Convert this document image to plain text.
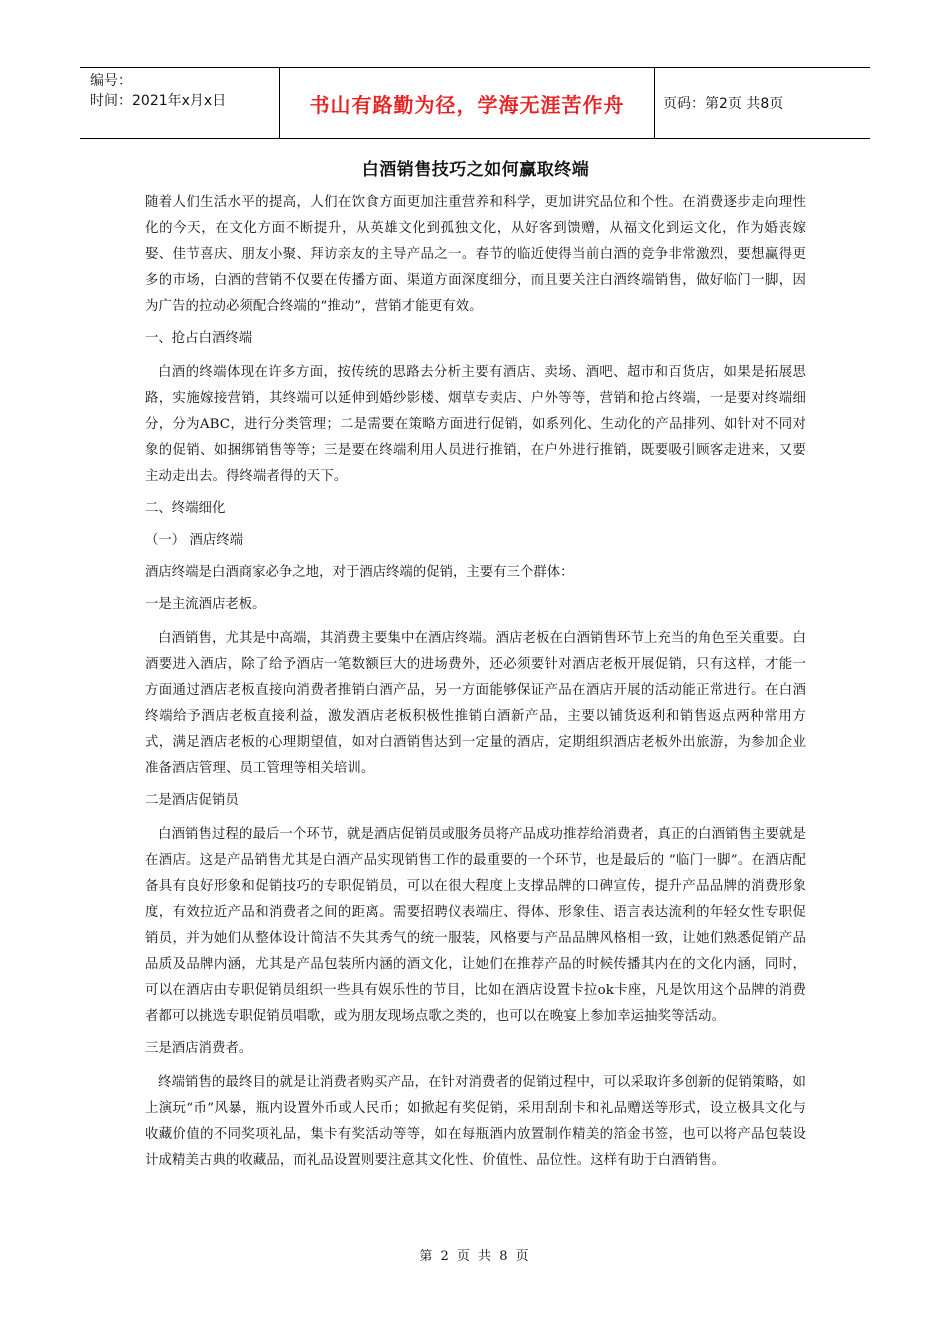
编号：
时间：2021年x月x日	书山有路勤为径，学海无涯苦作舟	页码：第2页 共8页
白酒销售技巧之如何赢取终端
随着人们生活水平的提高，人们在饮食方面更加注重营养和科学，更加讲究品位和个性。在消费逐步走向理性化的今天，在文化方面不断提升，从英雄文化到孤独文化，从好客到馈赠，从福文化到运文化，作为婚丧嫁娶、佳节喜庆、朋友小聚、拜访亲友的主导产品之一。春节的临近使得当前白酒的竞争非常激烈，要想赢得更多的市场，白酒的营销不仅要在传播方面、渠道方面深度细分，而且要关注白酒终端销售，做好临门一脚，因为广告的拉动必须配合终端的“推动”，营销才能更有效。
一、抢占白酒终端
白酒的终端体现在许多方面，按传统的思路去分析主要有酒店、卖场、酒吧、超市和百货店，如果是拓展思路，实施嫁接营销，其终端可以延伸到婚纱影楼、烟草专卖店、户外等等，营销和抢占终端，一是要对终端细分，分为ABC，进行分类管理；二是需要在策略方面进行促销，如系列化、生动化的产品排列、如针对不同对象的促销、如捆绑销售等等；三是要在终端利用人员进行推销，在户外进行推销，既要吸引顾客走进来，又要主动走出去。得终端者得的天下。
二、终端细化
（一） 酒店终端
酒店终端是白酒商家必争之地，对于酒店终端的促销，主要有三个群体：
一是主流酒店老板。
白酒销售，尤其是中高端，其消费主要集中在酒店终端。酒店老板在白酒销售环节上充当的角色至关重要。白酒要进入酒店，除了给予酒店一笔数额巨大的进场费外，还必须要针对酒店老板开展促销，只有这样，才能一方面通过酒店老板直接向消费者推销白酒产品，另一方面能够保证产品在酒店开展的活动能正常进行。在白酒终端给予酒店老板直接利益，激发酒店老板积极性推销白酒新产品，主要以铺货返利和销售返点两种常用方式，满足酒店老板的心理期望值，如对白酒销售达到一定量的酒店，定期组织酒店老板外出旅游，为参加企业准备酒店管理、员工管理等相关培训。
二是酒店促销员
白酒销售过程的最后一个环节，就是酒店促销员或服务员将产品成功推荐给消费者，真正的白酒销售主要就是在酒店。这是产品销售尤其是白酒产品实现销售工作的最重要的一个环节，也是最后的 “临门一脚”。在酒店配备具有良好形象和促销技巧的专职促销员，可以在很大程度上支撑品牌的口碑宣传，提升产品品牌的消费形象度，有效拉近产品和消费者之间的距离。需要招聘仪表端庄、得体、形象佳、语言表达流利的年轻女性专职促销员，并为她们从整体设计简洁不失其秀气的统一服装，风格要与产品品牌风格相一致，让她们熟悉促销产品品质及品牌内涵，尤其是产品包装所内涵的酒文化，让她们在推荐产品的时候传播其内在的文化内涵，同时，可以在酒店由专职促销员组织一些具有娱乐性的节目，比如在酒店设置卡拉ok卡座，凡是饮用这个品牌的消费者都可以挑选专职促销员唱歌，或为朋友现场点歌之类的，也可以在晚宴上参加幸运抽奖等活动。
三是酒店消费者。
终端销售的最终目的就是让消费者购买产品，在针对消费者的促销过程中，可以采取许多创新的促销策略，如上演玩“币”风暴，瓶内设置外币或人民币；如掀起有奖促销，采用刮刮卡和礼品赠送等形式，设立极具文化与收藏价值的不同奖项礼品，集卡有奖活动等等，如在每瓶酒内放置制作精美的箔金书签，也可以将产品包装设计成精美古典的收藏品，而礼品设置则要注意其文化性、价值性、品位性。这样有助于白酒销售。
第 2 页 共 8 页
